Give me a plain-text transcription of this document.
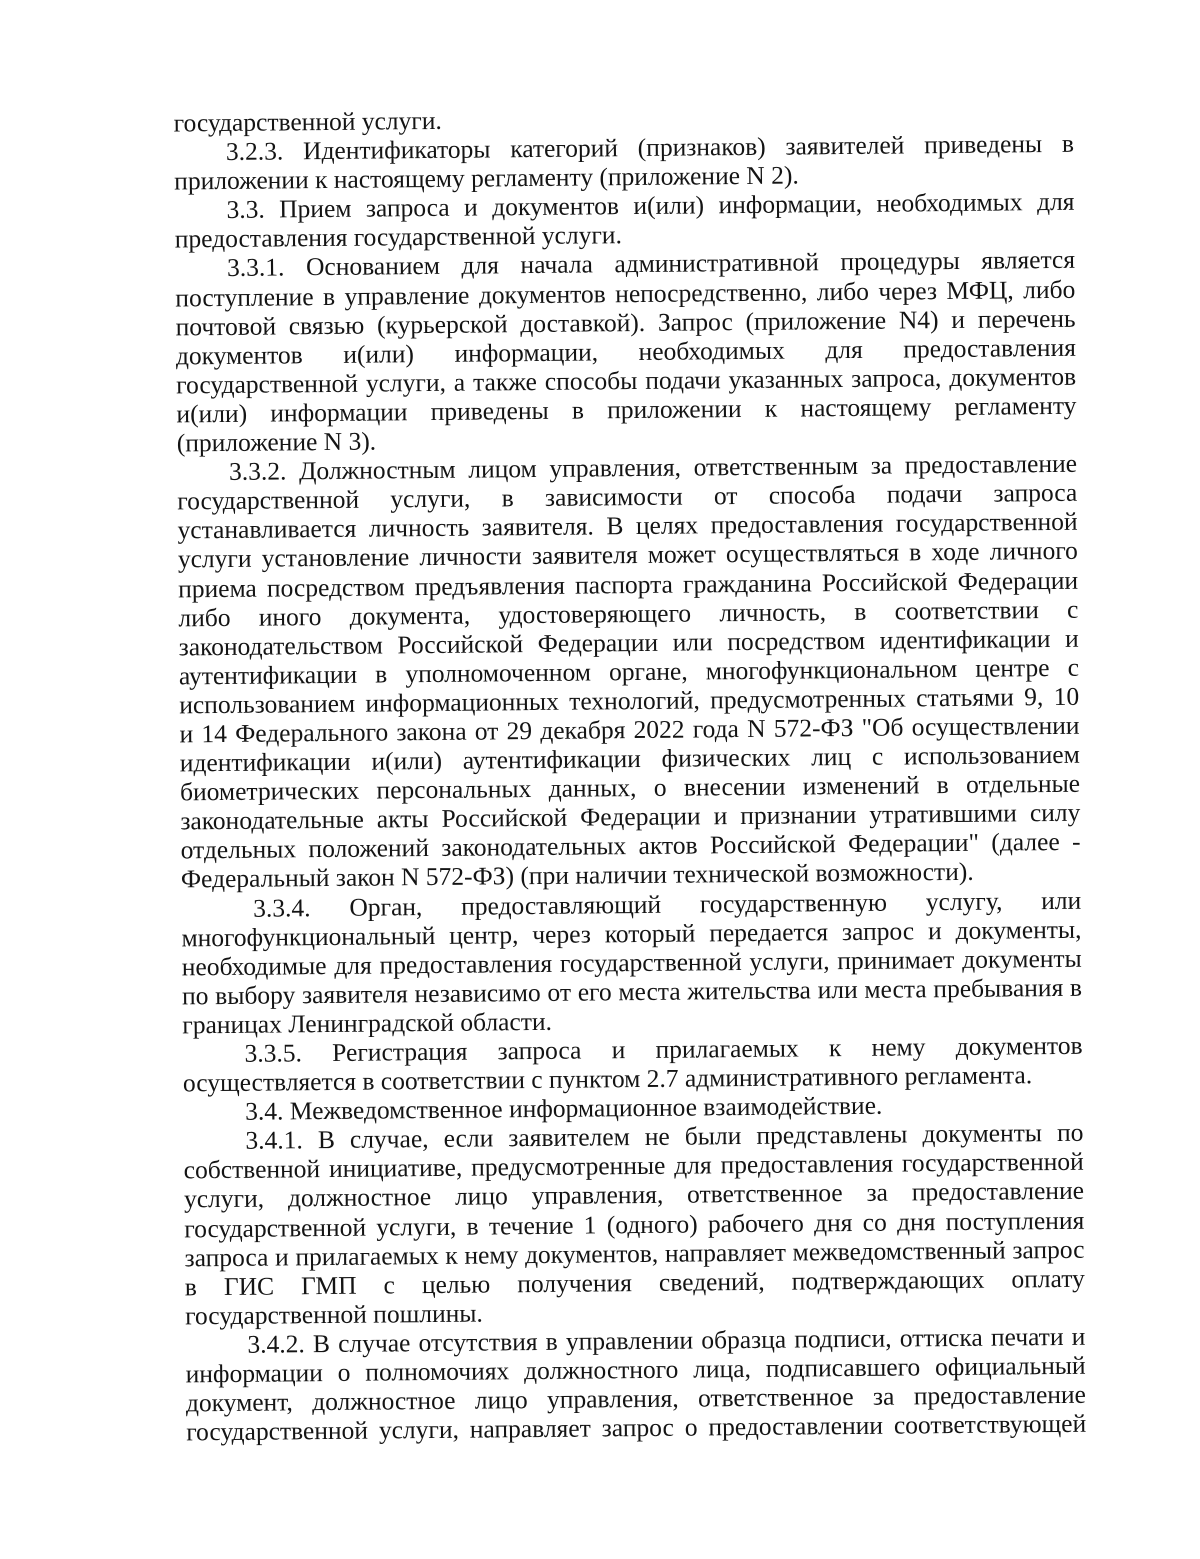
государственной услуги.
3.2.3. Идентификаторы категорий (признаков) заявителей приведены в
приложении к настоящему регламенту (приложение N 2).
3.3. Прием запроса и документов и(или) информации, необходимых для
предоставления государственной услуги.
3.3.1. Основанием для начала административной процедуры является
поступление в управление документов непосредственно, либо через МФЦ, либо
почтовой связью (курьерской доставкой). Запрос (приложение N4) и перечень
документов и(или) информации, необходимых для предоставления
государственной услуги, а также способы подачи указанных запроса, документов
и(или) информации приведены в приложении к настоящему регламенту
(приложение N 3).
3.3.2. Должностным лицом управления, ответственным за предоставление
государственной услуги, в зависимости от способа подачи запроса
устанавливается личность заявителя. В целях предоставления государственной
услуги установление личности заявителя может осуществляться в ходе личного
приема посредством предъявления паспорта гражданина Российской Федерации
либо иного документа, удостоверяющего личность, в соответствии с
законодательством Российской Федерации или посредством идентификации и
аутентификации в уполномоченном органе, многофункциональном центре с
использованием информационных технологий, предусмотренных статьями 9, 10
и 14 Федерального закона от 29 декабря 2022 года N 572-ФЗ "Об осуществлении
идентификации и(или) аутентификации физических лиц с использованием
биометрических персональных данных, о внесении изменений в отдельные
законодательные акты Российской Федерации и признании утратившими силу
отдельных положений законодательных актов Российской Федерации" (далее -
Федеральный закон N 572-ФЗ) (при наличии технической возможности).
3.3.4. Орган, предоставляющий государственную услугу, или
многофункциональный центр, через который передается запрос и документы,
необходимые для предоставления государственной услуги, принимает документы
по выбору заявителя независимо от его места жительства или места пребывания в
границах Ленинградской области.
3.3.5. Регистрация запроса и прилагаемых к нему документов
осуществляется в соответствии с пунктом 2.7 административного регламента.
3.4. Межведомственное информационное взаимодействие.
3.4.1. В случае, если заявителем не были представлены документы по
собственной инициативе, предусмотренные для предоставления государственной
услуги, должностное лицо управления, ответственное за предоставление
государственной услуги, в течение 1 (одного) рабочего дня со дня поступления
запроса и прилагаемых к нему документов, направляет межведомственный запрос
в ГИС ГМП с целью получения сведений, подтверждающих оплату
государственной пошлины.
3.4.2. В случае отсутствия в управлении образца подписи, оттиска печати и
информации о полномочиях должностного лица, подписавшего официальный
документ, должностное лицо управления, ответственное за предоставление
государственной услуги, направляет запрос о предоставлении соответствующей
